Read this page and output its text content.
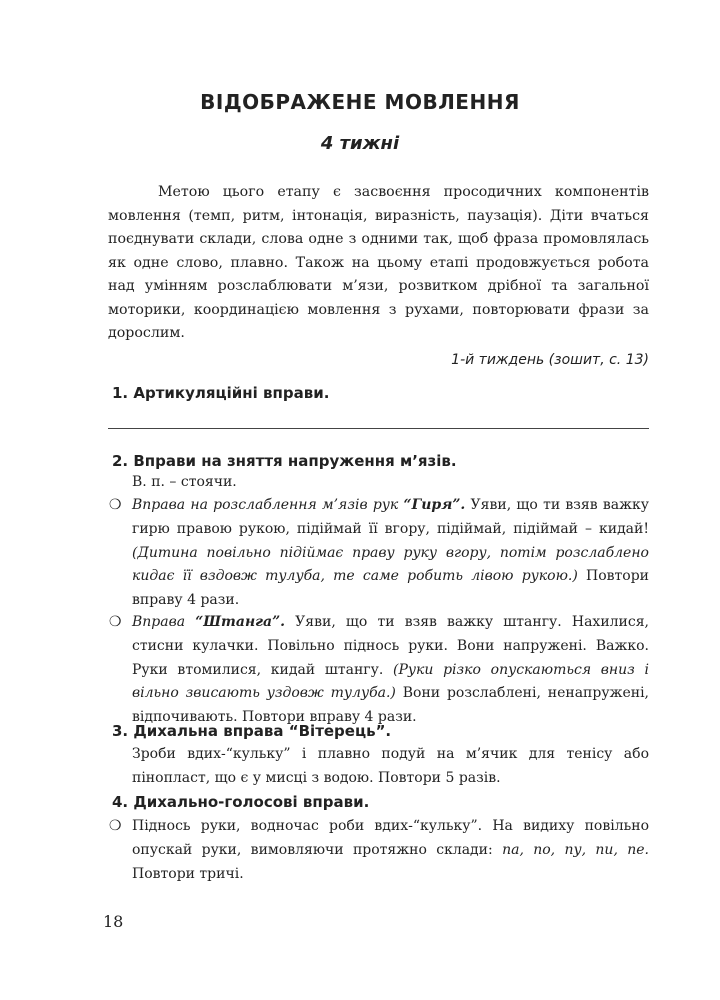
ВІДОБРАЖЕНЕ МОВЛЕННЯ
4 тижні

Метою цього етапу є засвоєння просодичних компонентів мовлення (темп, ритм, інтонація, виразність, паузація). Діти вчаться поєднувати склади, слова одне з одними так, щоб фраза промовлялась як одне слово, плавно. Також на цьому етапі продовжується робота над умінням розслаблювати м’язи, розвитком дрібної та загальної моторики, координацією мовлення з рухами, повторювати фрази за дорослим.

1-й тиждень (зошит, с. 13)
1. Артикуляційні вправи.
2. Вправи на зняття напруження м’язів.
В. п. – стоячи.
❍ Вправа на розслаблення м’язів рук “Гиря”. Уяви, що ти взяв важку гирю правою рукою, підіймай її вгору, підіймай, підіймай – кидай! (Дитина повільно підіймає праву руку вгору, потім розслаблено кидає її вздовж тулуба, те саме робить лівою рукою.) Повтори вправу 4 рази.

❍ Вправа “Штанга”. Уяви, що ти взяв важку штангу. Нахилися, стисни кулачки. Повільно піднось руки. Вони напружені. Важко. Руки втомилися, кидай штангу. (Руки різко опускаються вниз і вільно звисають уздовж тулуба.) Вони розслаблені, ненапружені, відпочивають. Повтори вправу 4 рази.

3. Дихальна вправа “Вітерець”.

Зроби вдих-“кульку” і плавно подуй на м’ячик для тенісу або пінопласт, що є у мисці з водою. Повтори 5 разів.

4. Дихально-голосові вправи.
❍ Піднось руки, водночас роби вдих-“кульку”. На видиху повільно опускай руки, вимовляючи протяжно склади: па, по, пу, пи, пе. Повтори тричі.

18
